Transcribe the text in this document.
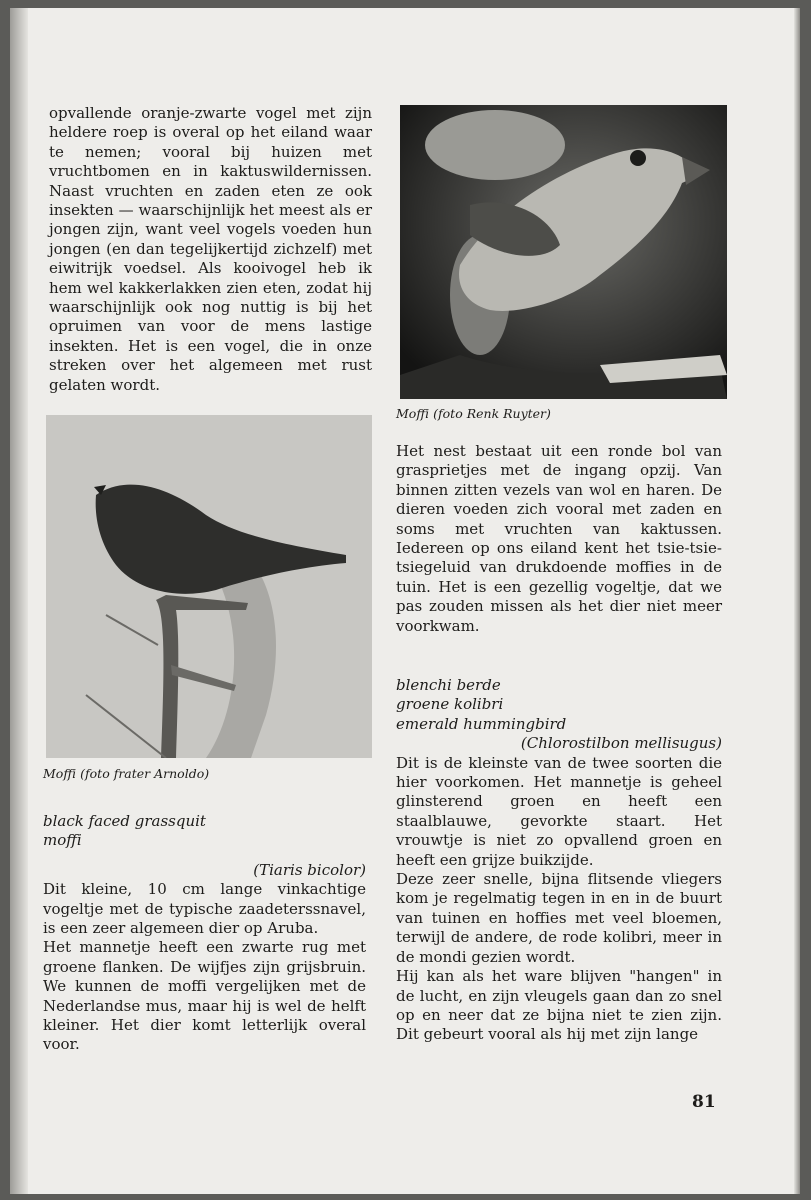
opvallende oranje-zwarte vogel met zijn heldere roep is overal op het eiland waar te nemen; vooral bij huizen met vruchtbomen en in kaktuswildernissen. Naast vruchten en zaden eten ze ook insekten — waarschijnlijk het meest als er jongen zijn, want veel vogels voeden hun jongen (en dan tegelijkertijd zichzelf) met eiwitrijk voedsel. Als kooivogel heb ik hem wel kakkerlakken zien eten, zodat hij waarschijnlijk ook nog nuttig is bij het opruimen van voor de mens lastige insekten. Het is een vogel, die in onze streken over het algemeen met rust gelaten wordt.

Moffi (foto Renk Ruyter)
Moffi (foto frater Arnoldo)

Het nest bestaat uit een ronde bol van grasprietjes met de ingang opzij. Van binnen zitten vezels van wol en haren. De dieren voeden zich vooral met zaden en soms met vruchten van kaktussen. Iedereen op ons eiland kent het tsie-tsie-tsiegeluid van drukdoende moffies in de tuin. Het is een gezellig vogeltje, dat we pas zouden missen als het dier niet meer voorkwam.

black faced grassquit
moffi
(Tiaris bicolor)

Dit kleine, 10 cm lange vinkachtige vogeltje met de typische zaadeterssnavel, is een zeer algemeen dier op Aruba.

Het mannetje heeft een zwarte rug met groene flanken. De wijfjes zijn grijsbruin. We kunnen de moffi vergelijken met de Nederlandse mus, maar hij is wel de helft kleiner. Het dier komt letterlijk overal voor.

blenchi berde
groene kolibri
emerald hummingbird
(Chlorostilbon mellisugus)

Dit is de kleinste van de twee soorten die hier voorkomen. Het mannetje is geheel glinsterend groen en heeft een staalblauwe, gevorkte staart. Het vrouwtje is niet zo opvallend groen en heeft een grijze buikzijde.

Deze zeer snelle, bijna flitsende vliegers kom je regelmatig tegen in en in de buurt van tuinen en hoffies met veel bloemen, terwijl de andere, de rode kolibri, meer in de mondi gezien wordt.

Hij kan als het ware blijven "hangen" in de lucht, en zijn vleugels gaan dan zo snel op en neer dat ze bijna niet te zien zijn. Dit gebeurt vooral als hij met zijn lange

81
